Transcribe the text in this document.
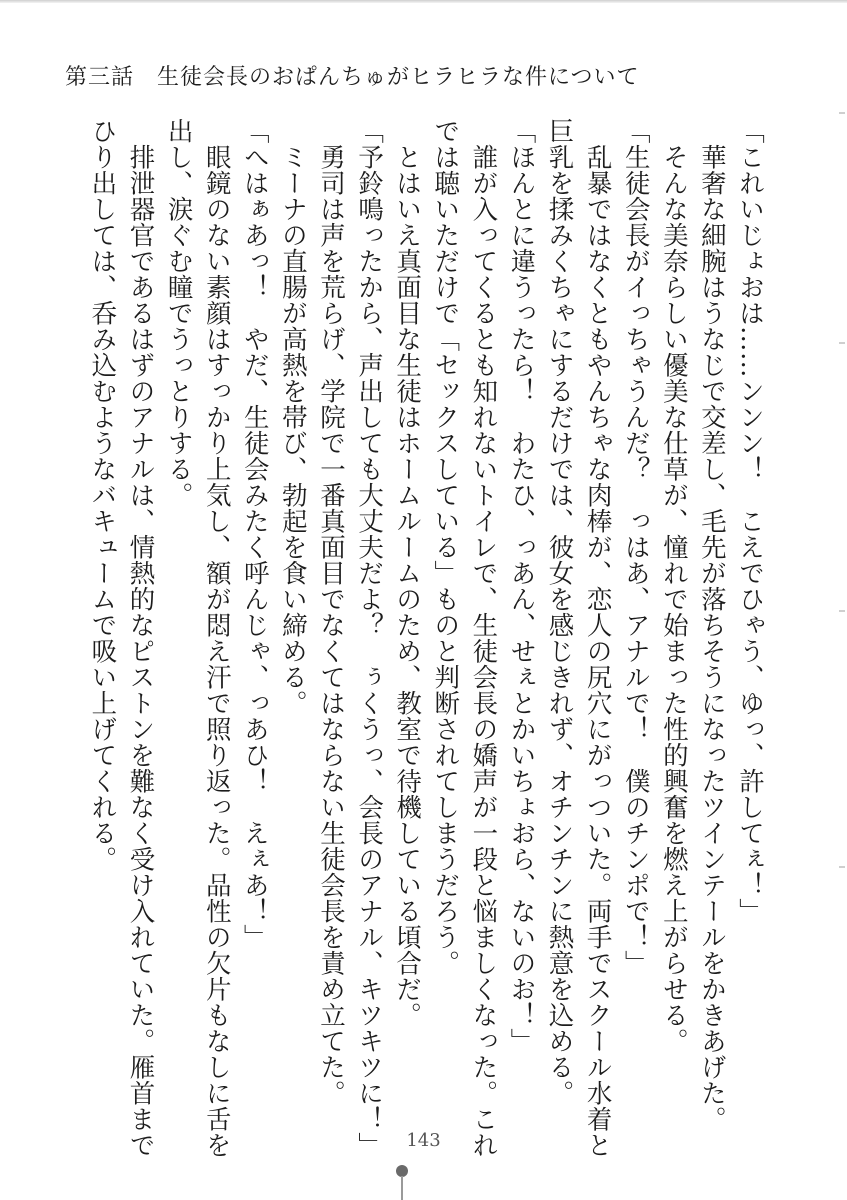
第三話　生徒会長のおぱんちゅがヒラヒラな件について

「これいじょおは……ンンン！　こえでひゃう、ゆっ、許してぇ！」

　華奢な細腕はうなじで交差し、毛先が落ちそうになったツインテールをかきあげた。

　そんな美奈らしい優美な仕草が、憧れで始まった性的興奮を燃え上がらせる。

「生徒会長がイっちゃうんだ？　っはあ、アナルで！　僕のチンポで！」

　乱暴ではなくともやんちゃな肉棒が、恋人の尻穴にがっついた。両手でスクール水着と

巨乳を揉みくちゃにするだけでは、彼女を感じきれず、オチンチンに熱意を込める。

「ほんとに違うったら！　わたひ、っあん、せぇとかいちょおら、ないのお！」

　誰が入ってくるとも知れないトイレで、生徒会長の嬌声が一段と悩ましくなった。これ

では聴いただけで「セックスしている」ものと判断されてしまうだろう。

　とはいえ真面目な生徒はホームルームのため、教室で待機している頃合だ。

「予鈴鳴ったから、声出しても大丈夫だよ？　ぅくうっ、会長のアナル、キツキツに！」

　勇司は声を荒らげ、学院で一番真面目でなくてはならない生徒会長を責め立てた。

　ミーナの直腸が高熱を帯び、勃起を食い締める。

「へはぁあっ！　やだ、生徒会みたく呼んじゃ、っあひ！　えぇあ！」

　眼鏡のない素顔はすっかり上気し、額が悶え汗で照り返った。品性の欠片もなしに舌を

出し、涙ぐむ瞳でうっとりする。

　排泄器官であるはずのアナルは、情熱的なピストンを難なく受け入れていた。雁首まで

ひり出しては、呑み込むようなバキュームで吸い上げてくれる。

143
